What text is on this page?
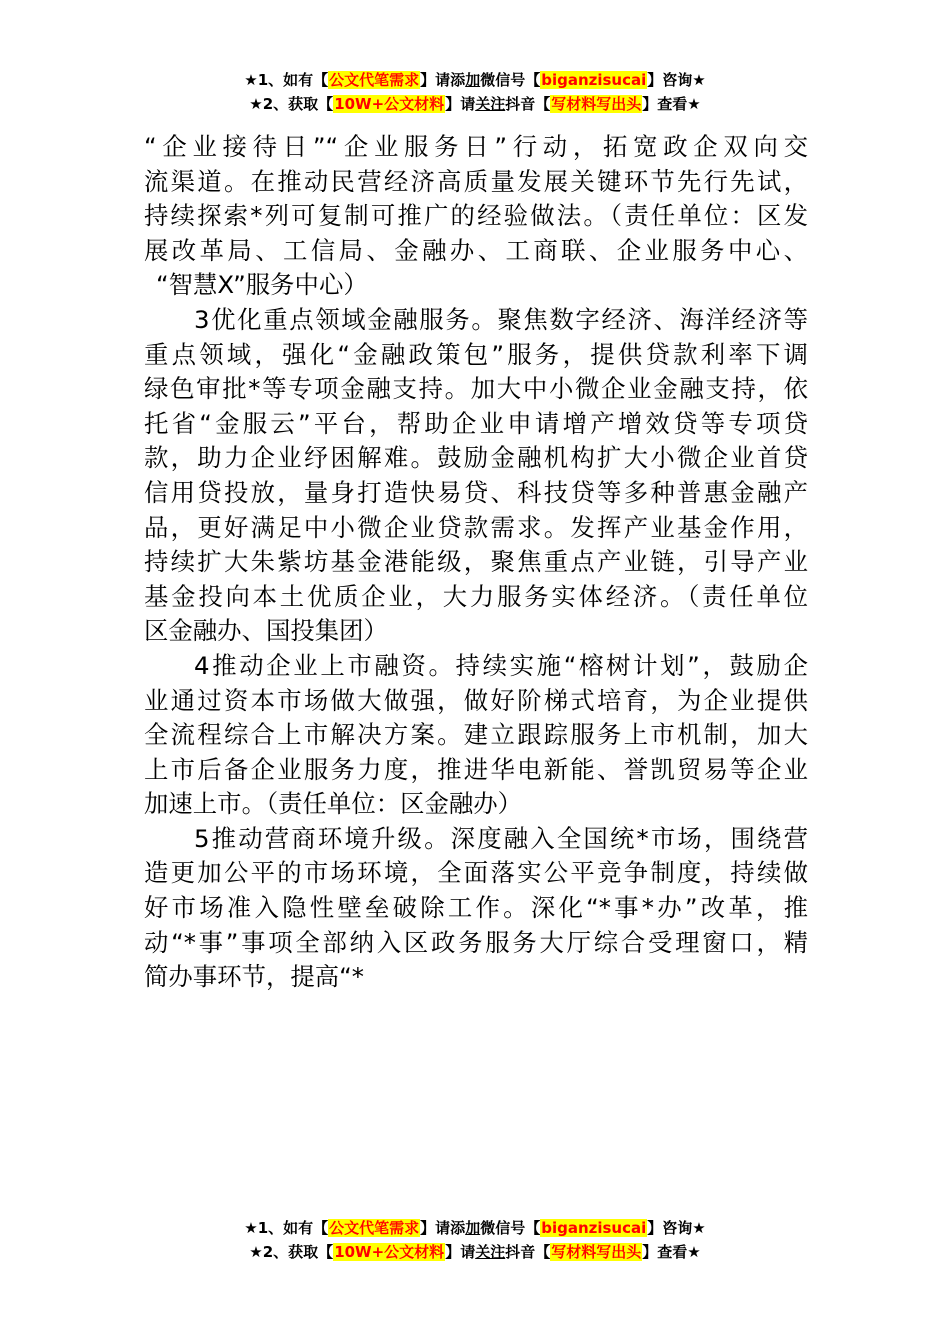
★1、如有【公文代笔需求】请添加微信号【biganzisucai】咨询★
★2、获取【10W+公文材料】请关注抖音【写材料写出头】查看★
“企业接待日”“企业服务日”行动，拓宽政企双向交
流渠道。在推动民营经济高质量发展关键环节先行先试，
持续探索*列可复制可推广的经验做法。（责任单位：区发
展改革局、工信局、金融办、工商联、企业服务中心、
“智慧X”服务中心）
3优化重点领域金融服务。聚焦数字经济、海洋经济等
重点领域，强化“金融政策包”服务，提供贷款利率下调
绿色审批*等专项金融支持。加大中小微企业金融支持，依
托省“金服云”平台，帮助企业申请增产增效贷等专项贷
款，助力企业纾困解难。鼓励金融机构扩大小微企业首贷
信用贷投放，量身打造快易贷、科技贷等多种普惠金融产
品，更好满足中小微企业贷款需求。发挥产业基金作用，
持续扩大朱紫坊基金港能级，聚焦重点产业链，引导产业
基金投向本土优质企业，大力服务实体经济。（责任单位
区金融办、国投集团）
4推动企业上市融资。持续实施“榕树计划”，鼓励企
业通过资本市场做大做强，做好阶梯式培育，为企业提供
全流程综合上市解决方案。建立跟踪服务上市机制，加大
上市后备企业服务力度，推进华电新能、誉凯贸易等企业
加速上市。（责任单位：区金融办）
5推动营商环境升级。深度融入全国统*市场，围绕营
造更加公平的市场环境，全面落实公平竞争制度，持续做
好市场准入隐性壁垒破除工作。深化“*事*办”改革，推
动“*事”事项全部纳入区政务服务大厅综合受理窗口，精
简办事环节，提高“*
★1、如有【公文代笔需求】请添加微信号【biganzisucai】咨询★
★2、获取【10W+公文材料】请关注抖音【写材料写出头】查看★
